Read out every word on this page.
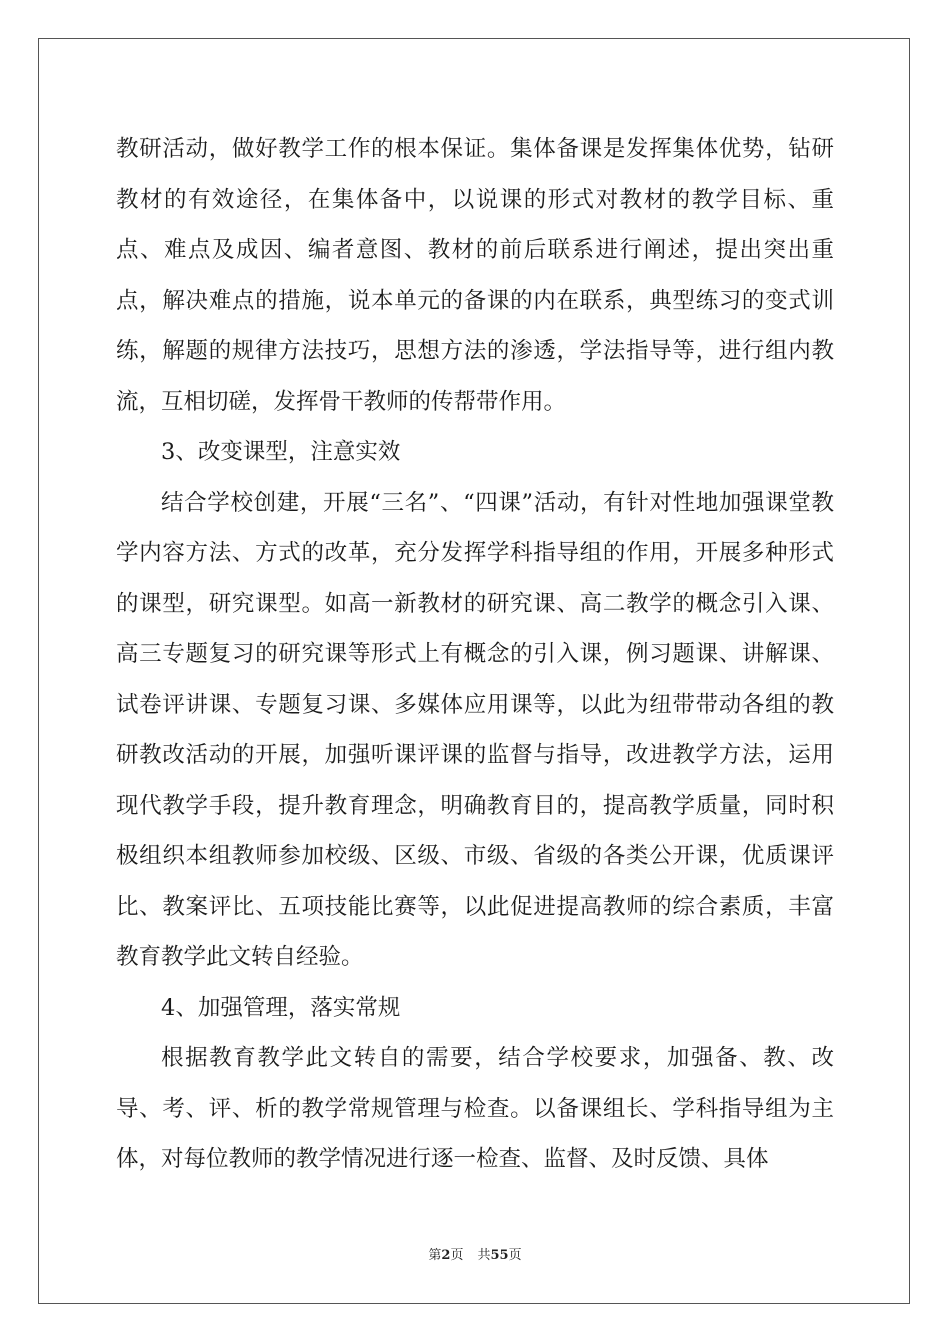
教研活动，做好教学工作的根本保证。集体备课是发挥集体优势，钻研教材的有效途径，在集体备中，以说课的形式对教材的教学目标、重点、难点及成因、编者意图、教材的前后联系进行阐述，提出突出重点，解决难点的措施，说本单元的备课的内在联系，典型练习的变式训练，解题的规律方法技巧，思想方法的渗透，学法指导等，进行组内教流，互相切磋，发挥骨干教师的传帮带作用。

3、改变课型，注意实效

结合学校创建，开展“三名”、“四课”活动，有针对性地加强课堂教学内容方法、方式的改革，充分发挥学科指导组的作用，开展多种形式的课型，研究课型。如高一新教材的研究课、高二教学的概念引入课、高三专题复习的研究课等形式上有概念的引入课，例习题课、讲解课、试卷评讲课、专题复习课、多媒体应用课等，以此为纽带带动各组的教研教改活动的开展，加强听课评课的监督与指导，改进教学方法，运用现代教学手段，提升教育理念，明确教育目的，提高教学质量，同时积极组织本组教师参加校级、区级、市级、省级的各类公开课，优质课评比、教案评比、五项技能比赛等，以此促进提高教师的综合素质，丰富教育教学此文转自经验。

4、加强管理，落实常规

根据教育教学此文转自的需要，结合学校要求，加强备、教、改导、考、评、析的教学常规管理与检查。以备课组长、学科指导组为主体，对每位教师的教学情况进行逐一检查、监督、及时反馈、具体

第2页 共55页
